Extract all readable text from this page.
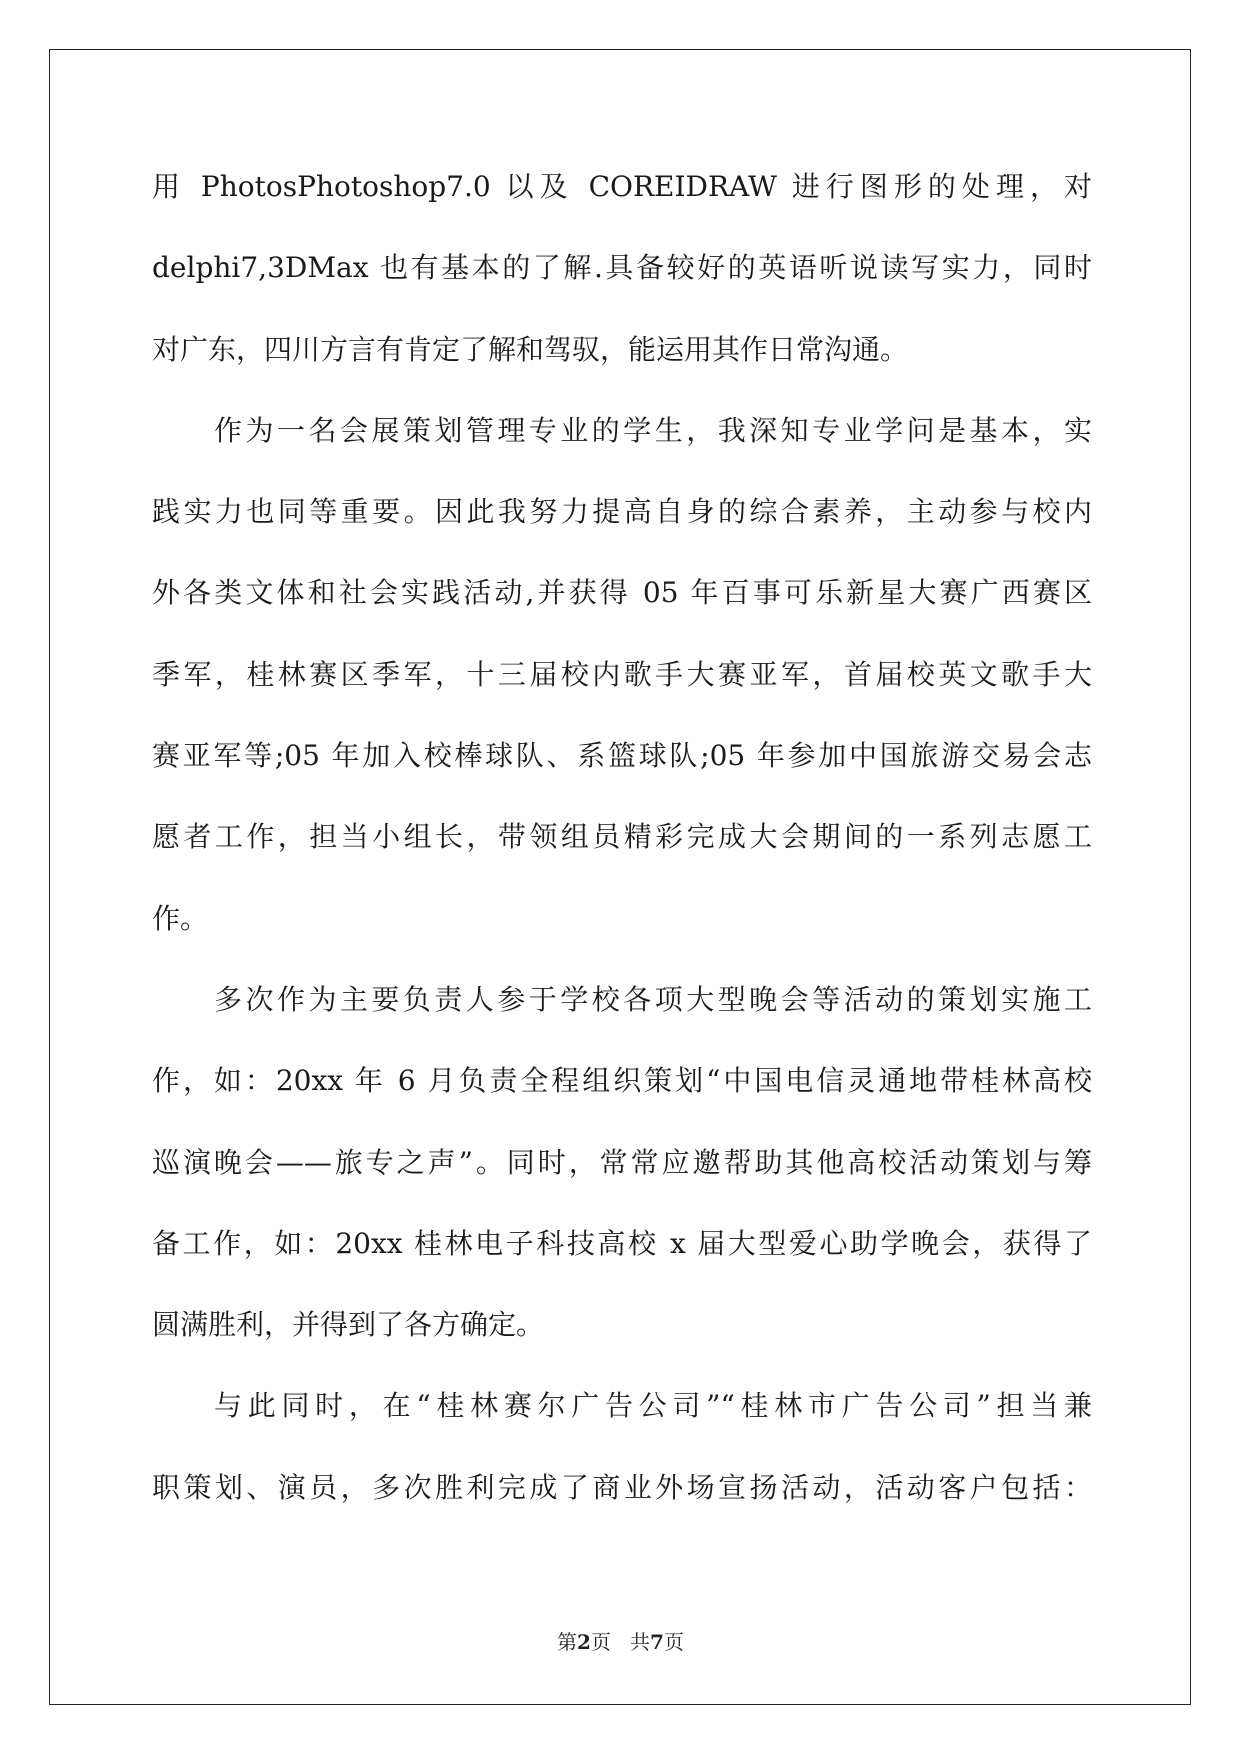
用 PhotosPhotoshop7.0 以及 COREIDRAW 进行图形的处理，对
delphi7,3DMax 也有基本的了解.具备较好的英语听说读写实力，同时
对广东，四川方言有肯定了解和驾驭，能运用其作日常沟通。
作为一名会展策划管理专业的学生，我深知专业学问是基本，实
践实力也同等重要。因此我努力提高自身的综合素养，主动参与校内
外各类文体和社会实践活动,并获得 05 年百事可乐新星大赛广西赛区
季军，桂林赛区季军，十三届校内歌手大赛亚军，首届校英文歌手大
赛亚军等;05 年加入校棒球队、系篮球队;05 年参加中国旅游交易会志
愿者工作，担当小组长，带领组员精彩完成大会期间的一系列志愿工
作。
多次作为主要负责人参于学校各项大型晚会等活动的策划实施工
作，如：20xx 年 6 月负责全程组织策划“中国电信灵通地带桂林高校
巡演晚会——旅专之声”。同时，常常应邀帮助其他高校活动策划与筹
备工作，如：20xx 桂林电子科技高校 x 届大型爱心助学晚会，获得了
圆满胜利，并得到了各方确定。
与此同时，在“桂林赛尔广告公司”“桂林市广告公司”担当兼
职策划、演员，多次胜利完成了商业外场宣扬活动，活动客户包括：
第2页 共7页
